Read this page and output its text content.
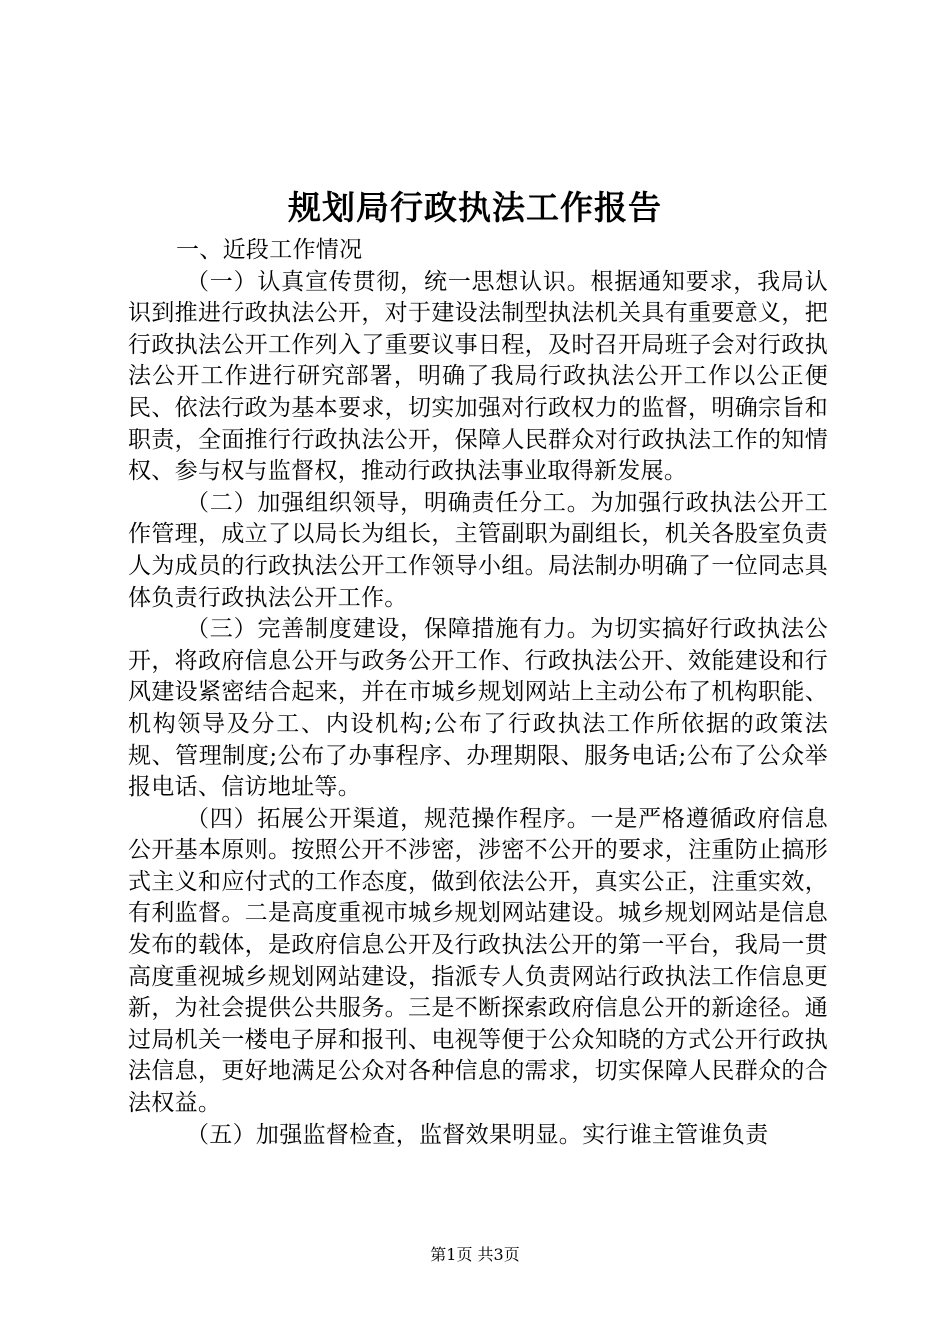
规划局行政执法工作报告

一、近段工作情况

（一）认真宣传贯彻，统一思想认识。根据通知要求，我局认识到推进行政执法公开，对于建设法制型执法机关具有重要意义，把行政执法公开工作列入了重要议事日程，及时召开局班子会对行政执法公开工作进行研究部署，明确了我局行政执法公开工作以公正便民、依法行政为基本要求，切实加强对行政权力的监督，明确宗旨和职责，全面推行行政执法公开，保障人民群众对行政执法工作的知情权、参与权与监督权，推动行政执法事业取得新发展。

（二）加强组织领导，明确责任分工。为加强行政执法公开工作管理，成立了以局长为组长，主管副职为副组长，机关各股室负责人为成员的行政执法公开工作领导小组。局法制办明确了一位同志具体负责行政执法公开工作。

（三）完善制度建设，保障措施有力。为切实搞好行政执法公开，将政府信息公开与政务公开工作、行政执法公开、效能建设和行风建设紧密结合起来，并在市城乡规划网站上主动公布了机构职能、机构领导及分工、内设机构;公布了行政执法工作所依据的政策法规、管理制度;公布了办事程序、办理期限、服务电话;公布了公众举报电话、信访地址等。

（四）拓展公开渠道，规范操作程序。一是严格遵循政府信息公开基本原则。按照公开不涉密，涉密不公开的要求，注重防止搞形式主义和应付式的工作态度，做到依法公开，真实公正，注重实效，有利监督。二是高度重视市城乡规划网站建设。城乡规划网站是信息发布的载体，是政府信息公开及行政执法公开的第一平台，我局一贯高度重视城乡规划网站建设，指派专人负责网站行政执法工作信息更新，为社会提供公共服务。三是不断探索政府信息公开的新途径。通过局机关一楼电子屏和报刊、电视等便于公众知晓的方式公开行政执法信息，更好地满足公众对各种信息的需求，切实保障人民群众的合法权益。

（五）加强监督检查，监督效果明显。实行谁主管谁负责

第1页 共3页
